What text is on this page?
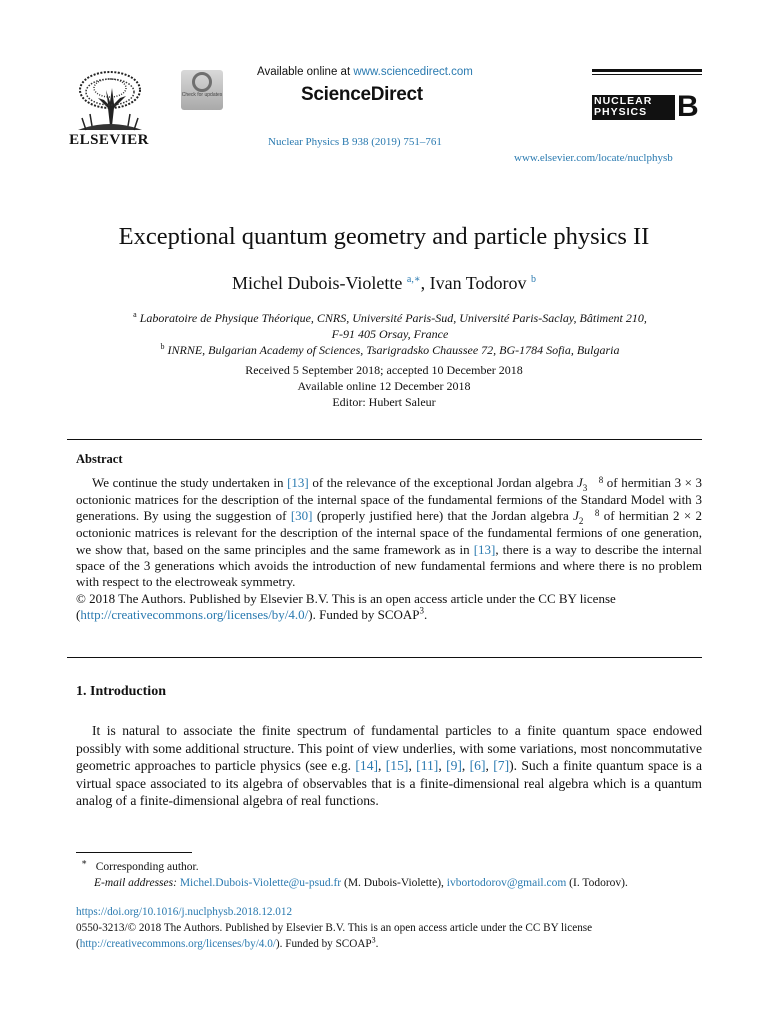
ELSEVIER
Check for updates
Available online at www.sciencedirect.com
ScienceDirect
Nuclear Physics B 938 (2019) 751–761
NUCLEAR
PHYSICS B
www.elsevier.com/locate/nuclphysb
Exceptional quantum geometry and particle physics II
Michel Dubois-Violette $^{a,∗}$, Ivan Todorov $^b$
$^a$ Laboratoire de Physique Théorique, CNRS, Université Paris-Sud, Université Paris-Saclay, Bâtiment 210,
F-91 405 Orsay, France
$^b$ INRNE, Bulgarian Academy of Sciences, Tsarigradsko Chaussee 72, BG-1784 Sofia, Bulgaria
Received 5 September 2018; accepted 10 December 2018
Available online 12 December 2018
Editor: Hubert Saleur
Abstract

We continue the study undertaken in [13] of the relevance of the exceptional Jordan algebra J 8
3 of hermitian 3 × 3 octonionic matrices for the description of the internal space of the fundamental fermions of the Standard Model with 3 generations. By using the suggestion of [30] (properly justified here) that the Jordan algebra J 8
2 of hermitian 2 × 2 octonionic matrices is relevant for the description of the internal space of the fundamental fermions of one generation, we show that, based on the same principles and the same framework as in [13], there is a way to describe the internal space of the 3 generations which avoids the introduction of new fundamental fermions and where there is no problem with respect to the electroweak symmetry.

© 2018 The Authors. Published by Elsevier B.V. This is an open access article under the CC BY license
(http://creativecommons.org/licenses/by/4.0/). Funded by SCOAP$^3$.

1. Introduction
It is natural to associate the finite spectrum of fundamental particles to a finite quantum space endowed possibly with some additional structure. This point of view underlies, with some variations, most noncommutative geometric approaches to particle physics (see e.g. [14], [15], [11], [9], [6], [7]). Such a finite quantum space is a virtual space associated to its algebra of observables that is a finite-dimensional real algebra which is a quantum analog of a finite-dimensional algebra of real functions.
∗ Corresponding author.
E-mail addresses: Michel.Dubois-Violette@u-psud.fr (M. Dubois-Violette), ivbortodorov@gmail.com (I. Todorov).
https://doi.org/10.1016/j.nuclphysb.2018.12.012
0550-3213/© 2018 The Authors. Published by Elsevier B.V. This is an open access article under the CC BY license
(http://creativecommons.org/licenses/by/4.0/). Funded by SCOAP$^3$.
